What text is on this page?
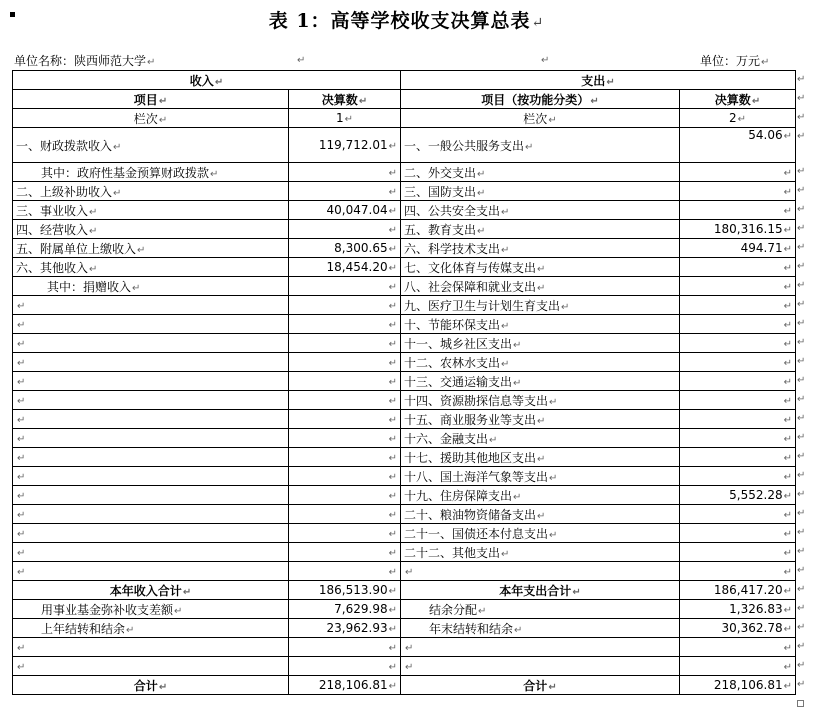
表 1：高等学校收支决算总表↵
单位名称：陕西师范大学↵	↵	↵	单位：万元↵
收入↵		支出↵	
项目↵	决算数↵	项目（按功能分类）↵	决算数↵
栏次↵	1↵	栏次↵	2↵
一、财政拨款收入↵	119,712.01↵	一、一般公共服务支出↵	54.06↵
其中：政府性基金预算财政拨款↵	↵	二、外交支出↵	↵
二、上级补助收入↵	↵	三、国防支出↵	↵
三、事业收入↵	40,047.04↵	四、公共安全支出↵	↵
四、经营收入↵	↵	五、教育支出↵	180,316.15↵
五、附属单位上缴收入↵	8,300.65↵	六、科学技术支出↵	494.71↵
六、其他收入↵	18,454.20↵	七、文化体育与传媒支出↵	↵
其中：捐赠收入↵	↵	八、社会保障和就业支出↵	↵
↵	↵	九、医疗卫生与计划生育支出↵	↵
↵	↵	十、节能环保支出↵	↵
↵	↵	十一、城乡社区支出↵	↵
↵	↵	十二、农林水支出↵	↵
↵	↵	十三、交通运输支出↵	↵
↵	↵	十四、资源勘探信息等支出↵	↵
↵	↵	十五、商业服务业等支出↵	↵
↵	↵	十六、金融支出↵	↵
↵	↵	十七、援助其他地区支出↵	↵
↵	↵	十八、国土海洋气象等支出↵	↵
↵	↵	十九、住房保障支出↵	5,552.28↵
↵	↵	二十、粮油物资储备支出↵	↵
↵	↵	二十一、国债还本付息支出↵	↵
↵	↵	二十二、其他支出↵	↵
↵	↵	↵	↵
本年收入合计↵	186,513.90↵	本年支出合计↵	186,417.20↵
用事业基金弥补收支差额↵	7,629.98↵	结余分配↵	1,326.83↵
上年结转和结余↵	23,962.93↵	年末结转和结余↵	30,362.78↵
↵	↵	↵	↵
↵	↵	↵	↵
合计↵	218,106.81↵	合计↵	218,106.81↵
↵
↵
↵
↵
↵
↵
↵
↵
↵
↵
↵
↵
↵
↵
↵
↵
↵
↵
↵
↵
↵
↵
↵
↵
↵
↵
↵
↵
↵
↵
↵
↵
